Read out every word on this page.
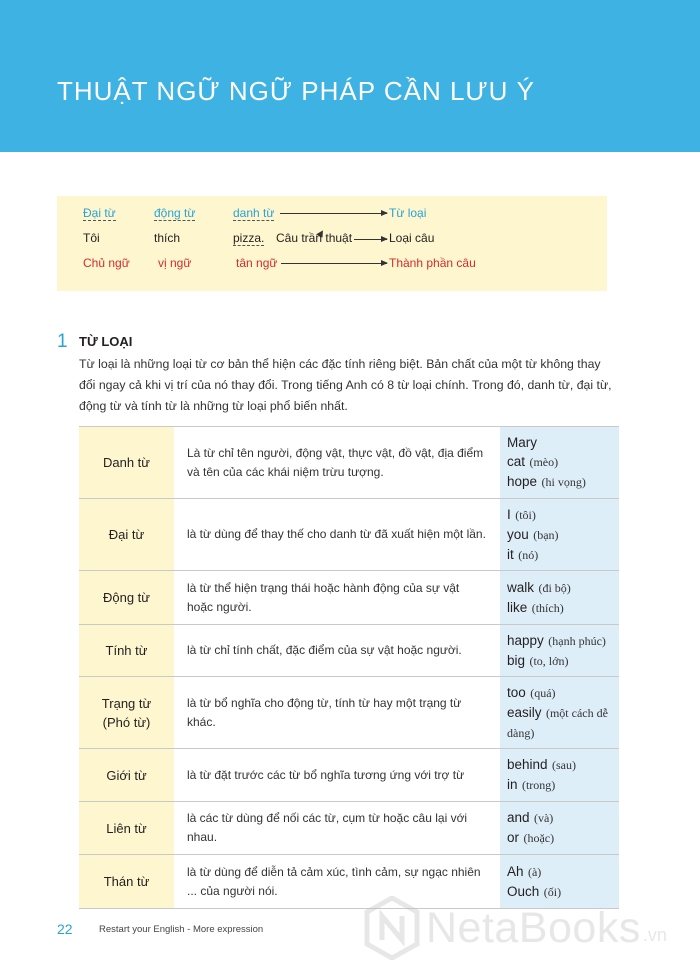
THUẬT NGỮ NGỮ PHÁP CẦN LƯU Ý
Đại từ	động từ	danh từ	Từ loại
Tôi	thích	pizza. Câu trần thuật	Loại câu
Chủ ngữ vị ngữ	tân ngữ	Thành phần câu
1 TỪ LOẠI

Từ loại là những loại từ cơ bản thể hiện các đặc tính riêng biệt. Bản chất của một từ không thay đổi ngay cả khi vị trí của nó thay đổi. Trong tiếng Anh có 8 từ loại chính. Trong đó, danh từ, đại từ, động từ và tính từ là những từ loại phổ biến nhất.

Danh từ	Là từ chỉ tên người, động vật, thực vật, đồ vật, địa điểm và tên của các khái niệm trừu tượng.	Mary
cat (mèo)
hope (hi vọng)

Đại từ	là từ dùng để thay thế cho danh từ đã xuất hiện một lần.	I (tôi)
you (bạn)
it (nó)

Động từ	là từ thể hiện trạng thái hoặc hành động của sự vật hoặc người.	walk (đi bộ)
like (thích)

Tính từ	là từ chỉ tính chất, đặc điểm của sự vật hoặc người.	happy (hạnh phúc)
big (to, lớn)

Trạng từ
(Phó từ)	là từ bổ nghĩa cho động từ, tính từ hay một trạng từ khác.	too (quá)
easily (một cách dễ dàng)

Giới từ	là từ đặt trước các từ bổ nghĩa tương ứng với trợ từ	behind (sau)
in (trong)

Liên từ	là các từ dùng để nối các từ, cụm từ hoặc câu lại với nhau.	and (và)
or (hoặc)

Thán từ	là từ dùng để diễn tả cảm xúc, tình cảm, sự ngạc nhiên ... của người nói.	Ah (à)
Ouch (ối)
22	Restart your English - More expression	NetaBooks .vn
